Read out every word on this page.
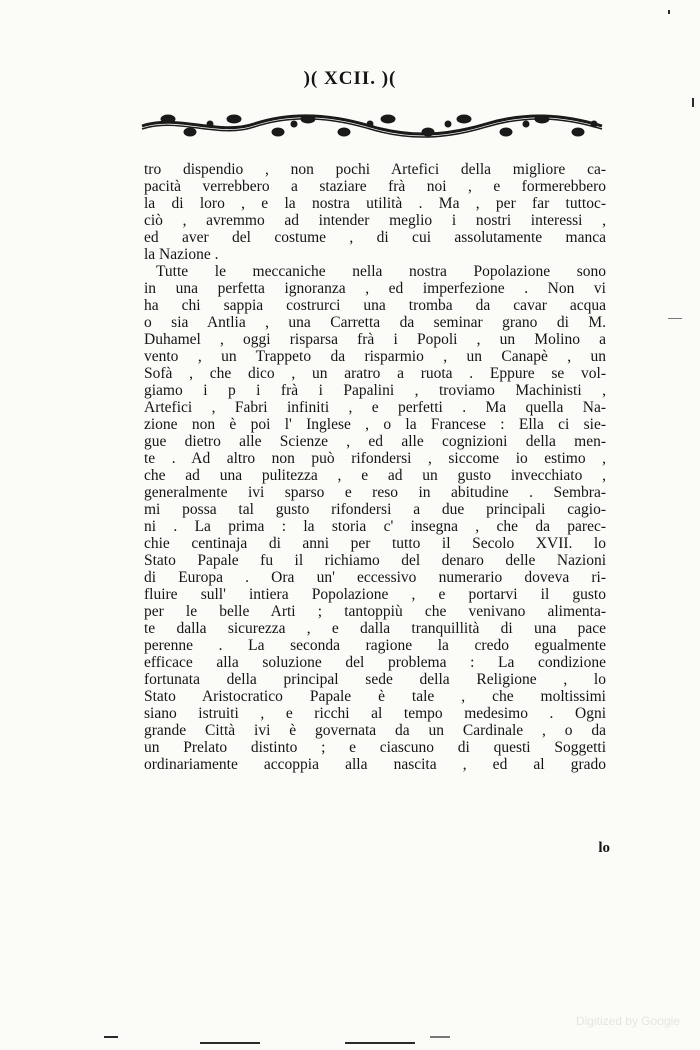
)( XCII. )(
tro dispendio , non pochi Artefici della migliore ca-
pacità verrebbero a staziare frà noi , e formerebbero
la di loro , e la nostra utilità . Ma , per far tuttoc-
ciò , avremmo ad intender meglio i nostri interessi ,
ed aver del costume , di cui assolutamente manca
la Nazione .
Tutte le meccaniche nella nostra Popolazione sono
in una perfetta ignoranza , ed imperfezione . Non vi
ha chi sappia costrurci una tromba da cavar acqua
o sia Antlia , una Carretta da seminar grano di M.
Duhamel , oggi risparsa frà i Popoli , un Molino a
vento , un Trappeto da risparmio , un Canapè , un
Sofà , che dico , un aratro a ruota . Eppure se vol-
giamo i p i frà i Papalini , troviamo Machinisti ,
Artefici , Fabri infiniti , e perfetti . Ma quella Na-
zione non è poi l' Inglese , o la Francese : Ella ci sie-
gue dietro alle Scienze , ed alle cognizioni della men-
te . Ad altro non può rifondersi , siccome io estimo ,
che ad una pulitezza , e ad un gusto invecchiato ,
generalmente ivi sparso e reso in abitudine . Sembra-
mi possa tal gusto rifondersi a due principali cagio-
ni . La prima : la storia c' insegna , che da parec-
chie centinaja di anni per tutto il Secolo XVII. lo
Stato Papale fu il richiamo del denaro delle Nazioni
di Europa . Ora un' eccessivo numerario doveva ri-
fluire sull' intiera Popolazione , e portarvi il gusto
per le belle Arti ; tantoppiù che venivano alimenta-
te dalla sicurezza , e dalla tranquillità di una pace
perenne . La seconda ragione la credo egualmente
efficace alla soluzione del problema : La condizione
fortunata della principal sede della Religione , lo
Stato Aristocratico Papale è tale , che moltissimi
siano istruiti , e ricchi al tempo medesimo . Ogni
grande Città ivi è governata da un Cardinale , o da
un Prelato distinto ; e ciascuno di questi Soggetti
ordinariamente accoppia alla nascita , ed al grado
lo
Digitized by Google
